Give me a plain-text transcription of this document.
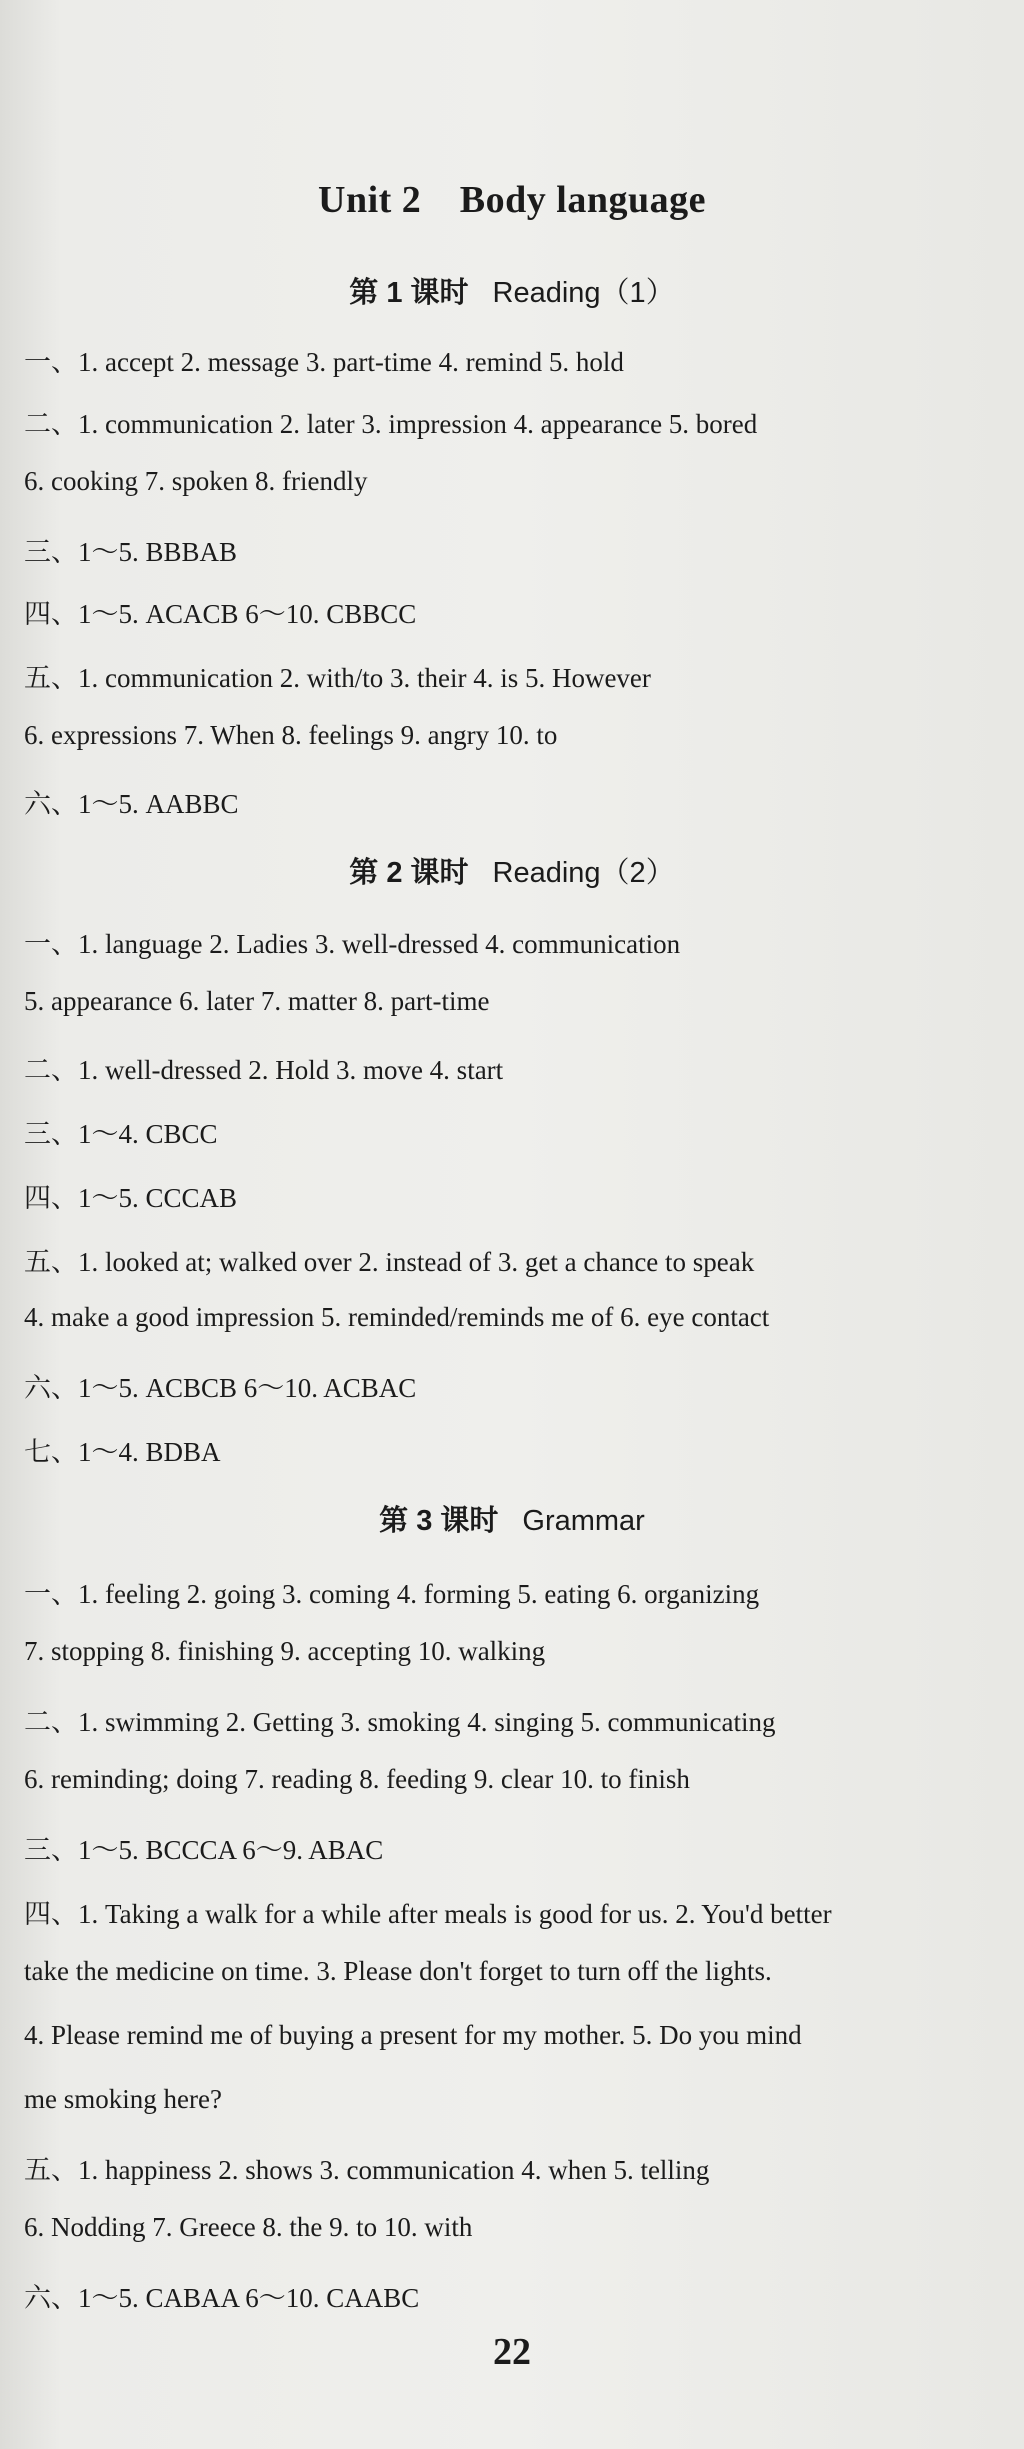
Unit 2　Body language
第 1 课时 Reading（1）
一、1. accept 2. message 3. part-time 4. remind 5. hold
二、1. communication 2. later 3. impression 4. appearance 5. bored
6. cooking 7. spoken 8. friendly
三、1～5. BBBAB
四、1～5. ACACB 6～10. CBBCC
五、1. communication 2. with/to 3. their 4. is 5. However
6. expressions 7. When 8. feelings 9. angry 10. to
六、1～5. AABBC
第 2 课时 Reading（2）
一、1. language 2. Ladies 3. well-dressed 4. communication
5. appearance 6. later 7. matter 8. part-time
二、1. well-dressed 2. Hold 3. move 4. start
三、1～4. CBCC
四、1～5. CCCAB
五、1. looked at; walked over 2. instead of 3. get a chance to speak
4. make a good impression 5. reminded/reminds me of 6. eye contact
六、1～5. ACBCB 6～10. ACBAC
七、1～4. BDBA
第 3 课时 Grammar
一、1. feeling 2. going 3. coming 4. forming 5. eating 6. organizing
7. stopping 8. finishing 9. accepting 10. walking
二、1. swimming 2. Getting 3. smoking 4. singing 5. communicating
6. reminding; doing 7. reading 8. feeding 9. clear 10. to finish
三、1～5. BCCCA 6～9. ABAC
四、1. Taking a walk for a while after meals is good for us. 2. You'd better
take the medicine on time. 3. Please don't forget to turn off the lights.
4. Please remind me of buying a present for my mother. 5. Do you mind
me smoking here?
五、1. happiness 2. shows 3. communication 4. when 5. telling
6. Nodding 7. Greece 8. the 9. to 10. with
六、1～5. CABAA 6～10. CAABC
22
